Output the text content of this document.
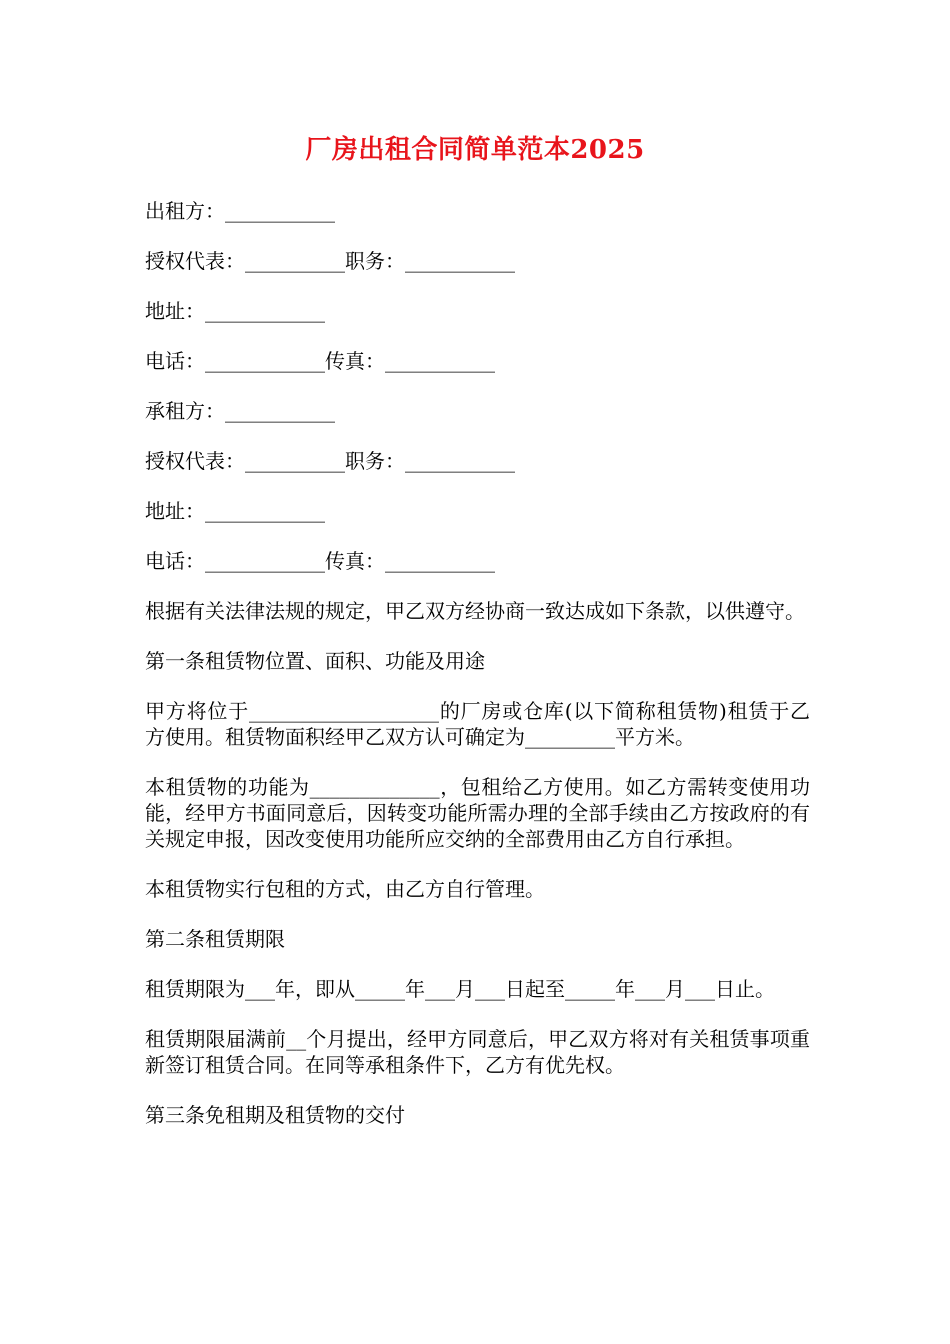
厂房出租合同简单范本2025
出租方：___________
授权代表：__________职务：___________
地址：____________
电话：____________传真：___________
承租方：___________
授权代表：__________职务：___________
地址：____________
电话：____________传真：___________
根据有关法律法规的规定，甲乙双方经协商一致达成如下条款，以供遵守。
第一条租赁物位置、面积、功能及用途
甲方将位于___________________的厂房或仓库(以下简称租赁物)租赁于乙方使用。租赁物面积经甲乙双方认可确定为_________平方米。
本租赁物的功能为_____________，包租给乙方使用。如乙方需转变使用功能，经甲方书面同意后，因转变功能所需办理的全部手续由乙方按政府的有关规定申报，因改变使用功能所应交纳的全部费用由乙方自行承担。
本租赁物实行包租的方式，由乙方自行管理。
第二条租赁期限
租赁期限为___年，即从_____年___月___日起至_____年___月___日止。
租赁期限届满前__个月提出，经甲方同意后，甲乙双方将对有关租赁事项重新签订租赁合同。在同等承租条件下，乙方有优先权。
第三条免租期及租赁物的交付
